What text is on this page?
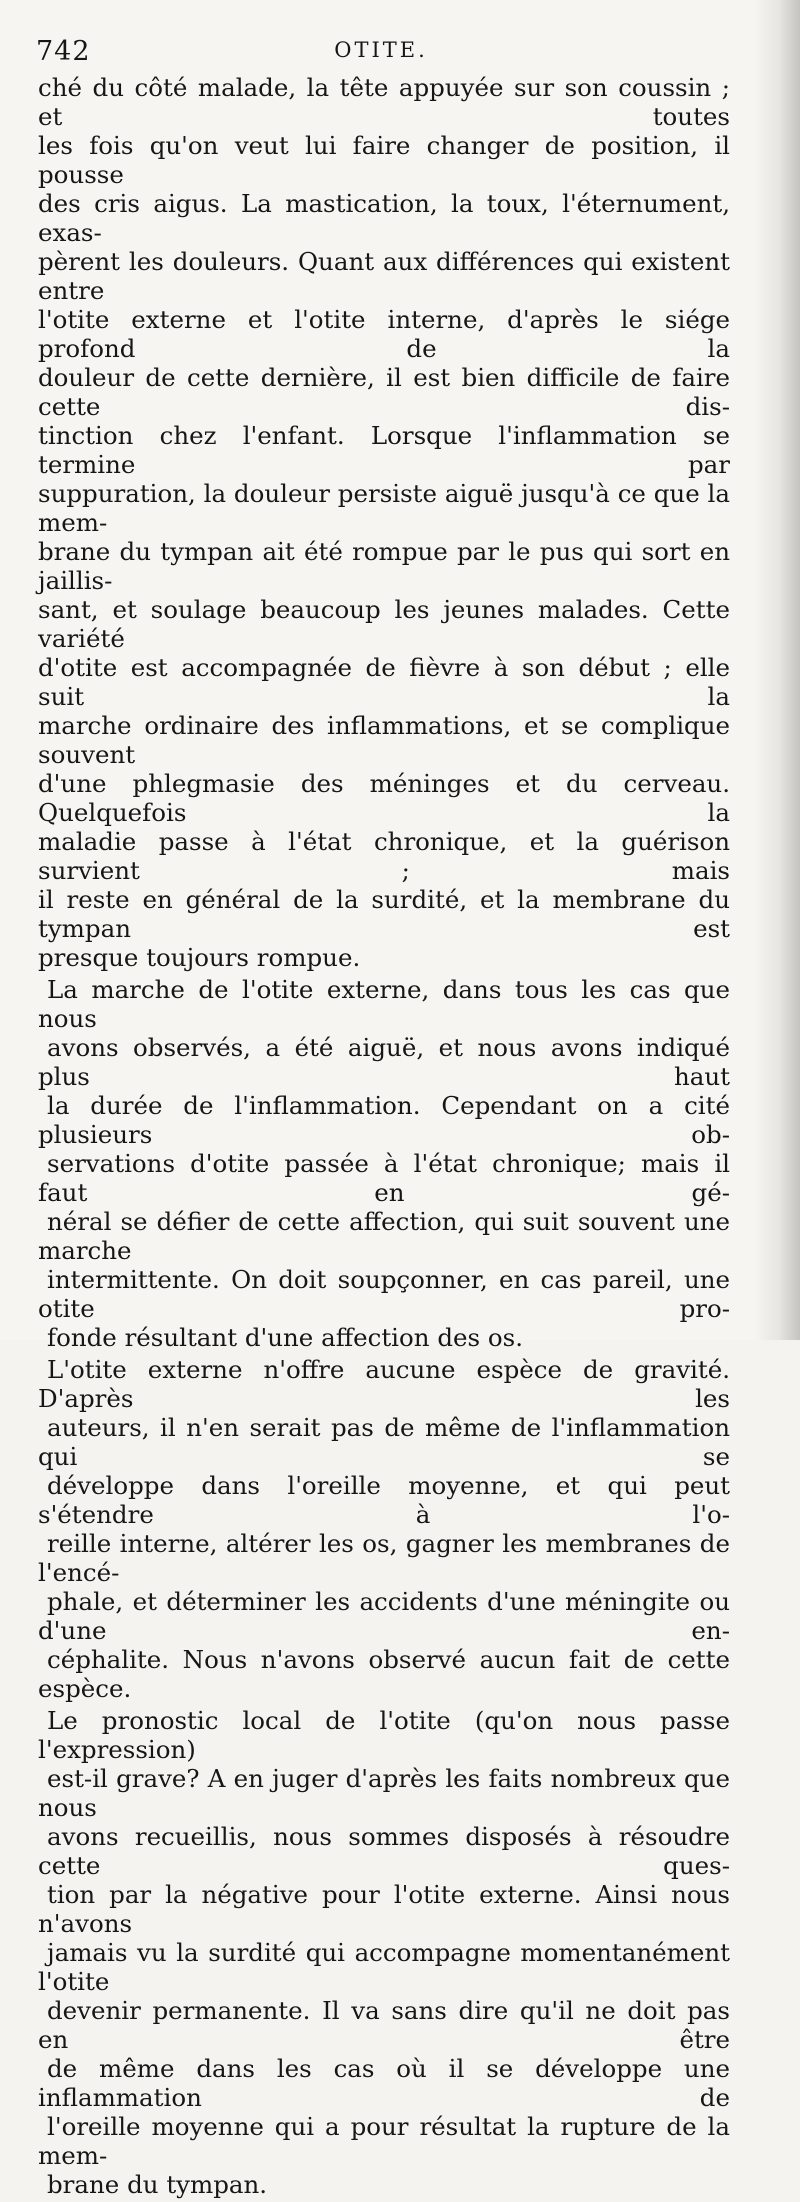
742	OTITE.

ché du côté malade, la tête appuyée sur son coussin ; et toutes
les fois qu'on veut lui faire changer de position, il pousse
des cris aigus. La mastication, la toux, l'éternument, exas-
pèrent les douleurs. Quant aux différences qui existent entre
l'otite externe et l'otite interne, d'après le siége profond de la
douleur de cette dernière, il est bien difficile de faire cette dis-
tinction chez l'enfant. Lorsque l'inflammation se termine par
suppuration, la douleur persiste aiguë jusqu'à ce que la mem-
brane du tympan ait été rompue par le pus qui sort en jaillis-
sant, et soulage beaucoup les jeunes malades. Cette variété
d'otite est accompagnée de fièvre à son début ; elle suit la
marche ordinaire des inflammations, et se complique souvent
d'une phlegmasie des méninges et du cerveau. Quelquefois la
maladie passe à l'état chronique, et la guérison survient ; mais
il reste en général de la surdité, et la membrane du tympan est
presque toujours rompue.

La marche de l'otite externe, dans tous les cas que nous
avons observés, a été aiguë, et nous avons indiqué plus haut
la durée de l'inflammation. Cependant on a cité plusieurs ob-
servations d'otite passée à l'état chronique; mais il faut en gé-
néral se défier de cette affection, qui suit souvent une marche
intermittente. On doit soupçonner, en cas pareil, une otite pro-
fonde résultant d'une affection des os.

L'otite externe n'offre aucune espèce de gravité. D'après les
auteurs, il n'en serait pas de même de l'inflammation qui se
développe dans l'oreille moyenne, et qui peut s'étendre à l'o-
reille interne, altérer les os, gagner les membranes de l'encé-
phale, et déterminer les accidents d'une méningite ou d'une en-
céphalite. Nous n'avons observé aucun fait de cette espèce.

Le pronostic local de l'otite (qu'on nous passe l'expression)
est-il grave? A en juger d'après les faits nombreux que nous
avons recueillis, nous sommes disposés à résoudre cette ques-
tion par la négative pour l'otite externe. Ainsi nous n'avons
jamais vu la surdité qui accompagne momentanément l'otite
devenir permanente. Il va sans dire qu'il ne doit pas en être
de même dans les cas où il se développe une inflammation de
l'oreille moyenne qui a pour résultat la rupture de la mem-
brane du tympan.
